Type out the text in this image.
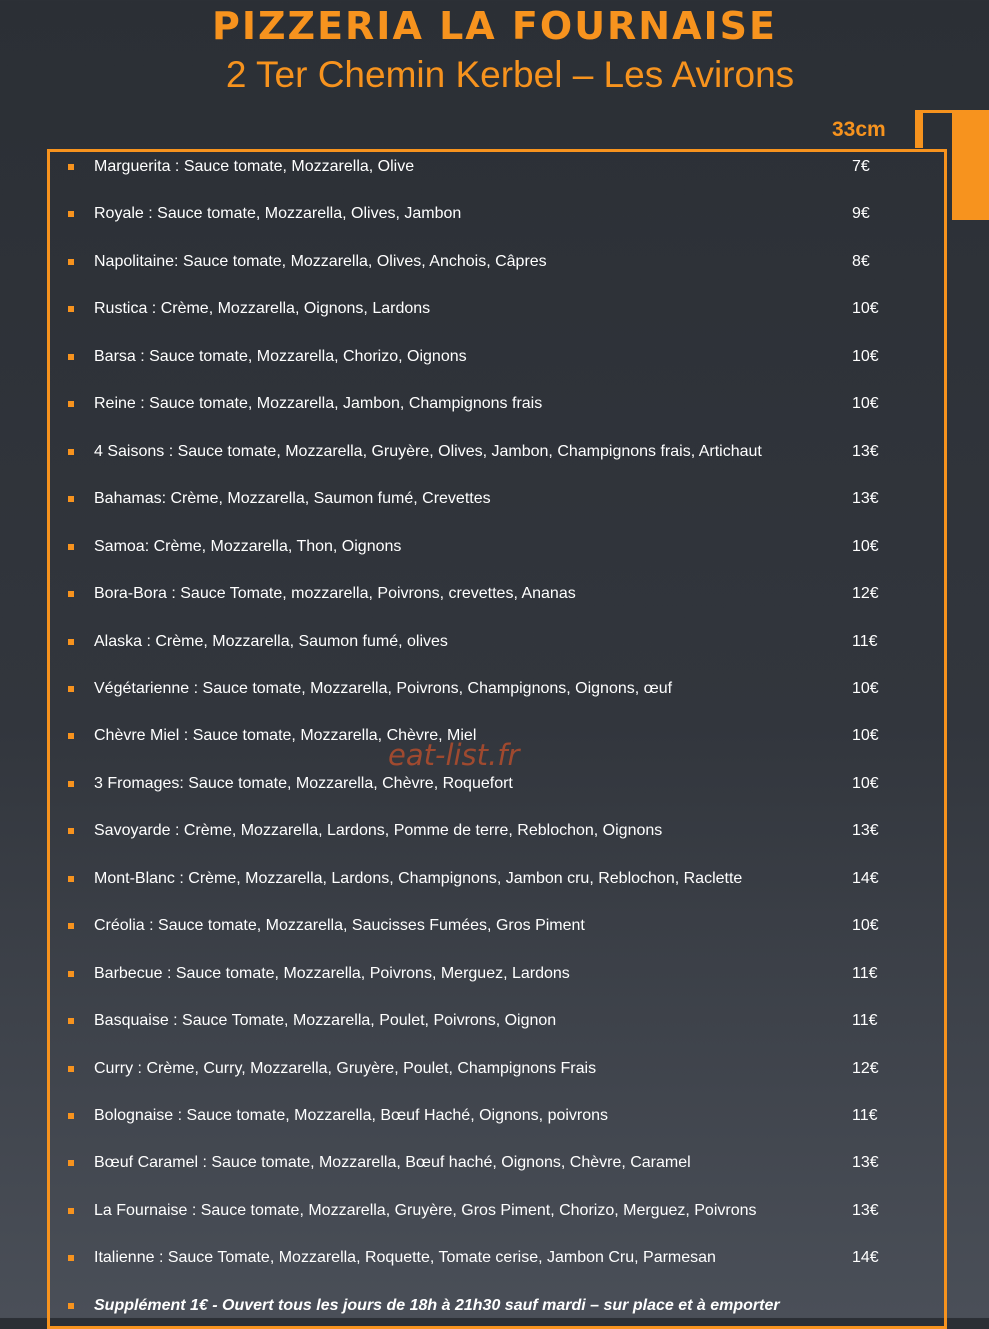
PIZZERIA LA FOURNAISE
2 Ter Chemin Kerbel – Les Avirons
33cm
Marguerita : Sauce tomate, Mozzarella, Olive	7€
Royale : Sauce tomate, Mozzarella, Olives, Jambon	9€
Napolitaine: Sauce tomate, Mozzarella, Olives, Anchois, Câpres	8€
Rustica : Crème, Mozzarella, Oignons, Lardons	10€
Barsa : Sauce tomate, Mozzarella, Chorizo, Oignons	10€
Reine : Sauce tomate, Mozzarella, Jambon, Champignons frais	10€
4 Saisons : Sauce tomate, Mozzarella, Gruyère, Olives, Jambon, Champignons frais, Artichaut	13€
Bahamas: Crème, Mozzarella, Saumon fumé, Crevettes	13€
Samoa: Crème, Mozzarella, Thon, Oignons	10€
Bora-Bora : Sauce Tomate, mozzarella, Poivrons, crevettes, Ananas	12€
Alaska : Crème, Mozzarella, Saumon fumé, olives	11€
Végétarienne : Sauce tomate, Mozzarella, Poivrons, Champignons, Oignons, œuf	10€
Chèvre Miel : Sauce tomate, Mozzarella, Chèvre, Miel	10€
3 Fromages: Sauce tomate, Mozzarella, Chèvre, Roquefort	10€
Savoyarde : Crème, Mozzarella, Lardons, Pomme de terre, Reblochon, Oignons	13€
Mont-Blanc : Crème, Mozzarella, Lardons, Champignons, Jambon cru, Reblochon, Raclette	14€
Créolia : Sauce tomate, Mozzarella, Saucisses Fumées, Gros Piment	10€
Barbecue : Sauce tomate, Mozzarella, Poivrons, Merguez, Lardons	11€
Basquaise : Sauce Tomate, Mozzarella, Poulet, Poivrons, Oignon	11€
Curry : Crème, Curry, Mozzarella, Gruyère, Poulet, Champignons Frais	12€
Bolognaise : Sauce tomate, Mozzarella, Bœuf Haché, Oignons, poivrons	11€
Bœuf Caramel : Sauce tomate, Mozzarella, Bœuf haché, Oignons, Chèvre, Caramel	13€
La Fournaise : Sauce tomate, Mozzarella, Gruyère, Gros Piment, Chorizo, Merguez, Poivrons	13€
Italienne : Sauce Tomate, Mozzarella, Roquette, Tomate cerise, Jambon Cru, Parmesan	14€
Supplément 1€ - Ouvert tous les jours de 18h à 21h30 sauf mardi – sur place et à emporter
eat-list.fr
